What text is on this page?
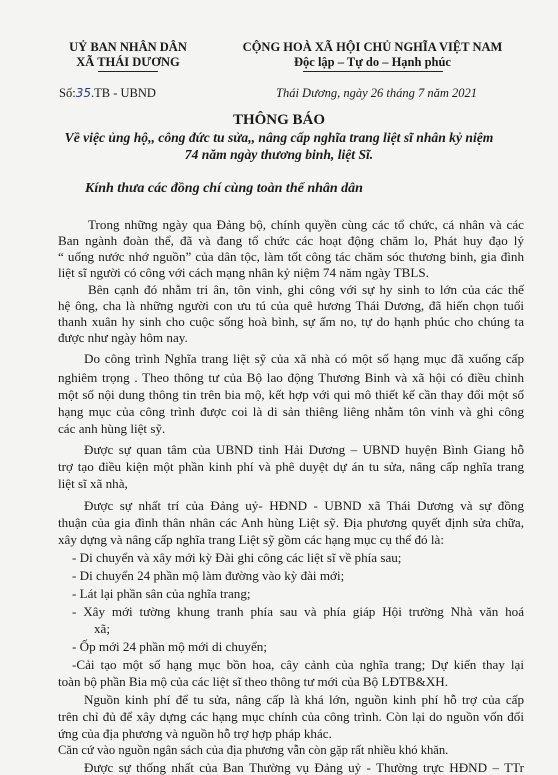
UỶ BAN NHÂN DÂN
XÃ THÁI DƯƠNG
CỘNG HOÀ XÃ HỘI CHỦ NGHĨA VIỆT NAM
Độc lập – Tự do – Hạnh phúc
Số:35.TB - UBND	Thái Dương, ngày 26 tháng 7 năm 2021
THÔNG BÁO
Về việc ủng hộ,, công đức tu sửa,, nâng cấp nghĩa trang liệt sĩ nhân kỷ niệm
74 năm ngày thương binh, liệt Sĩ.
Kính thưa các đồng chí cùng toàn thể nhân dân
Trong những ngày qua Đảng bộ, chính quyền cùng các tổ chức, cá nhân và các
Ban ngành đoàn thể, đã và đang tổ chức các hoạt động chăm lo, Phát huy đạo lý
“ uống nước nhớ nguồn” của dân tộc, làm tốt công tác chăm sóc thương binh, gia đình
liệt sĩ người có công với cách mạng nhân kỷ niệm 74 năm ngày TBLS.
Bên cạnh đó nhằm tri ân, tôn vinh, ghi công với sự hy sinh to lớn của các thế
hệ ông, cha là những người con ưu tú của quê hương Thái Dương, đã hiến chọn tuổi
thanh xuân hy sinh cho cuộc sống hoà bình, sự ấm no, tự do hạnh phúc cho chúng ta
được như ngày hôm nay.
Do công trình Nghĩa trang liệt sỹ của xã nhà có một số hạng mục đã xuống cấp
nghiêm trọng . Theo thông tư của Bộ lao động Thương Binh và xã hội có điều chỉnh
một số nội dung thông tin trên bia mộ, kết hợp với qui mô thiết kế cần thay đổi một số
hạng mục của công trình được coi là di sản thiêng liêng nhằm tôn vinh và ghi công
các anh hùng liệt sỹ.
Được sự quan tâm của UBND tỉnh Hải Dương – UBND huyện Bình Giang hỗ
trợ tạo điều kiện một phần kinh phí và phê duyệt dự án tu sửa, nâng cấp nghĩa trang
liệt sĩ xã nhà,
Được sự nhất trí của Đảng uỷ- HĐND - UBND xã Thái Dương và sự đồng
thuận của gia đình thân nhân các Anh hùng Liệt sỹ. Địa phương quyết định sửa chữa,
xây dựng và nâng cấp nghĩa trang Liệt sỹ gồm các hạng mục cụ thể đó là:
- Di chuyển và xây mới kỳ Đài ghi công các liệt sĩ về phía sau;
- Di chuyển 24 phần mộ làm đường vào kỳ đài mới;
- Lát lại phần sân của nghĩa trang;
- Xây mới tường khung tranh phía sau và phía giáp Hội trường Nhà văn hoá
xã;
- Ốp mới 24 phần mộ mới di chuyển;
-Cải tạo một số hạng mục bồn hoa, cây cảnh của nghĩa trang; Dự kiến thay lại
toàn bộ phần Bia mộ của các liệt sĩ theo thông tư mới của Bộ LĐTB&XH.
Nguồn kinh phí để tu sửa, nâng cấp là khá lớn, nguồn kinh phí hỗ trợ của cấp
trên chỉ đủ để xây dựng các hạng mục chính của công trình. Còn lại do nguồn vốn đối
ứng của địa phương và nguồn hỗ trợ hợp pháp khác.
Căn cứ vào nguồn ngân sách của địa phương vẫn còn gặp rất nhiều khó khăn.
Được sự thống nhất của Ban Thường vụ Đảng uỷ - Thường trực HĐND – TTr
